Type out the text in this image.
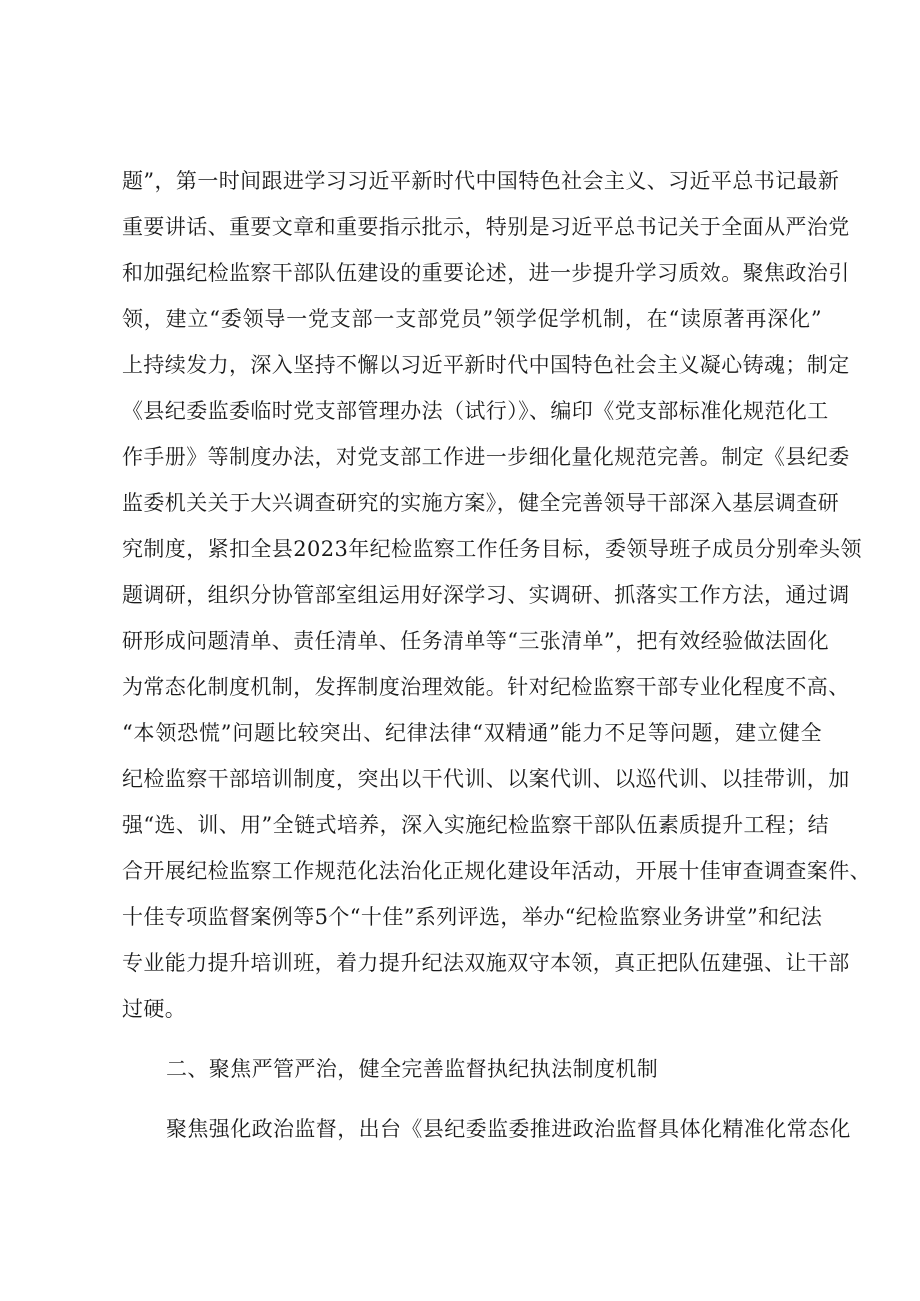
题”，第一时间跟进学习习近平新时代中国特色社会主义、习近平总书记最新
重要讲话、重要文章和重要指示批示，特别是习近平总书记关于全面从严治党
和加强纪检监察干部队伍建设的重要论述，进一步提升学习质效。聚焦政治引
领，建立“委领导一党支部一支部党员”领学促学机制，在“读原著再深化”
上持续发力，深入坚持不懈以习近平新时代中国特色社会主义凝心铸魂；制定
《县纪委监委临时党支部管理办法（试行）》、编印《党支部标准化规范化工
作手册》等制度办法，对党支部工作进一步细化量化规范完善。制定《县纪委
监委机关关于大兴调查研究的实施方案》，健全完善领导干部深入基层调查研
究制度，紧扣全县2023年纪检监察工作任务目标，委领导班子成员分别牵头领
题调研，组织分协管部室组运用好深学习、实调研、抓落实工作方法，通过调
研形成问题清单、责任清单、任务清单等“三张清单”，把有效经验做法固化
为常态化制度机制，发挥制度治理效能。针对纪检监察干部专业化程度不高、
“本领恐慌”问题比较突出、纪律法律“双精通”能力不足等问题，建立健全
纪检监察干部培训制度，突出以干代训、以案代训、以巡代训、以挂带训，加
强“选、训、用”全链式培养，深入实施纪检监察干部队伍素质提升工程；结
合开展纪检监察工作规范化法治化正规化建设年活动，开展十佳审查调查案件、
十佳专项监督案例等5个“十佳”系列评选，举办“纪检监察业务讲堂”和纪法
专业能力提升培训班，着力提升纪法双施双守本领，真正把队伍建强、让干部
过硬。
二、聚焦严管严治，健全完善监督执纪执法制度机制
聚焦强化政治监督，出台《县纪委监委推进政治监督具体化精准化常态化
